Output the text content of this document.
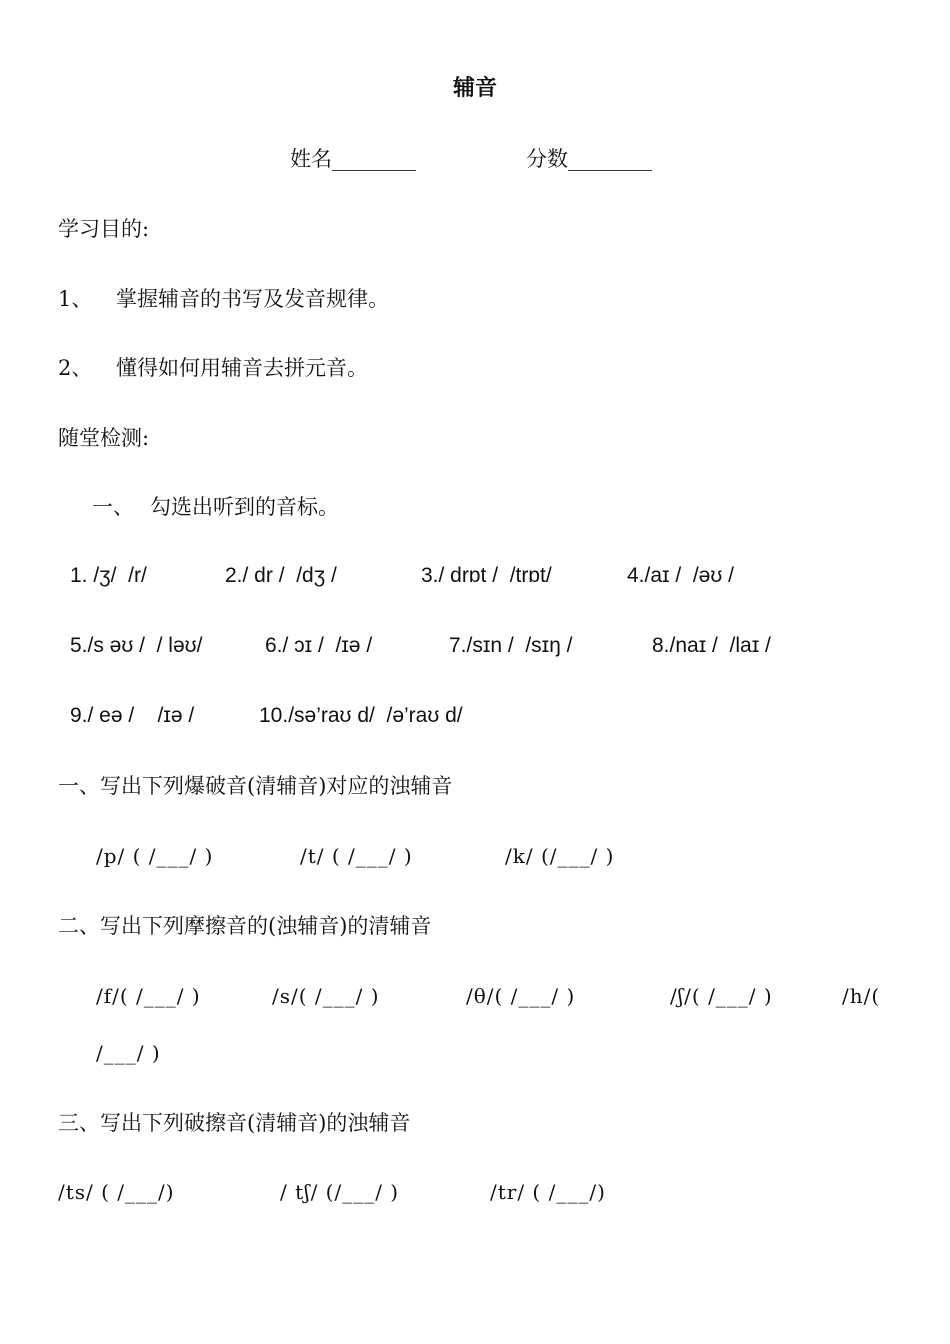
辅音
姓名________	分数________
学习目的:
1、 掌握辅音的书写及发音规律。
2、 懂得如何用辅音去拼元音。
随堂检测:
一、 勾选出听到的音标。
1. /ʒ/  /r/	2./ dr /  /dʒ /	3./ drɒt /  /trɒt/	4./aɪ /  /əʊ /
5./s əʊ /  / ləʊ/	6./ ɔɪ /  /ɪə /	7./sɪn /  /sɪŋ /	8./naɪ /  /laɪ /
9./ eə /    /ɪə /	10./sə’raʊ d/  /ə’raʊ d/
一、写出下列爆破音(清辅音)对应的浊辅音
/p/ ( /___/ )	/t/ ( /___/ )	/k/ (/___/ )
二、写出下列摩擦音的(浊辅音)的清辅音
/f/( /___/ )	/s/( /___/ )	/θ/( /___/ )	/ʃ/( /___/ )	/h/(
/___/ )
三、写出下列破擦音(清辅音)的浊辅音
/ts/ ( /___/)	/ tʃ/ (/___/ )	/tr/ ( /___/)
